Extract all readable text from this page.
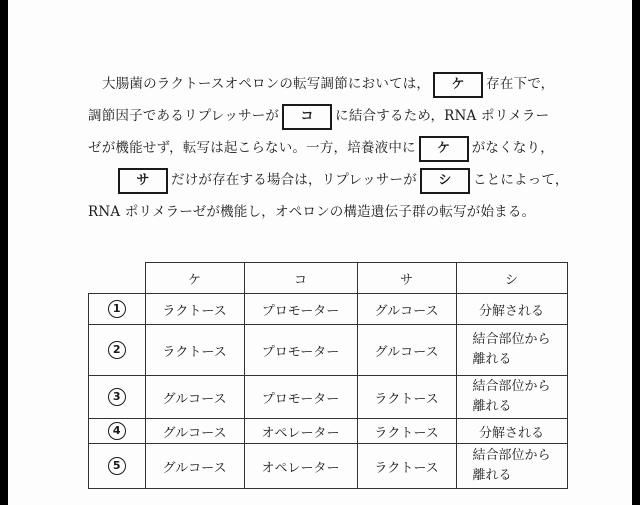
大腸菌のラクトースオペロンの転写調節においては， ケ 存在下で，
調節因子であるリプレッサーが コ に結合するため，RNA ポリメラー
ゼが機能せず，転写は起こらない。一方，培養液中に ケ がなくなり，
サ だけが存在する場合は，リプレッサーが シ ことによって，
RNA ポリメラーゼが機能し，オペロンの構造遺伝子群の転写が始まる。
	ケ	コ	サ	シ
1	ラクトース	プロモーター	グルコース	分解される
2	ラクトース	プロモーター	グルコース	結合部位から
離れる
3	グルコース	プロモーター	ラクトース	結合部位から
離れる
4	グルコース	オペレーター	ラクトース	分解される
5	グルコース	オペレーター	ラクトース	結合部位から
離れる
